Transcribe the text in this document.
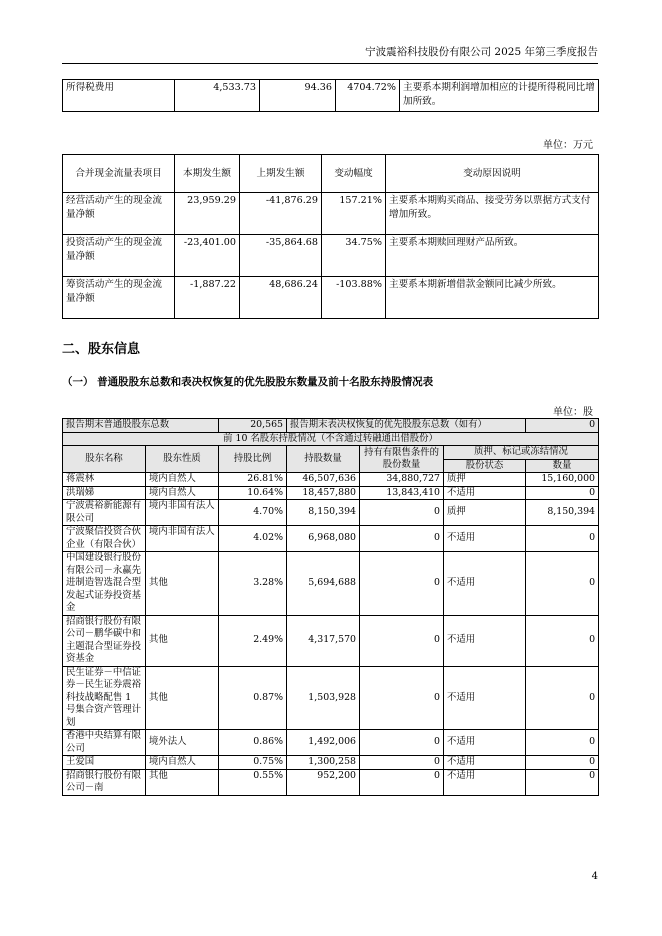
宁波震裕科技股份有限公司 2025 年第三季度报告
所得税费用	4,533.73	94.36	4704.72%	主要系本期利润增加相应的计提所得税同比增加所致。
单位：万元
合并现金流量表项目	本期发生额	上期发生额	变动幅度	变动原因说明
经营活动产生的现金流量净额	23,959.29	-41,876.29	157.21%	主要系本期购买商品、接受劳务以票据方式支付增加所致。
投资活动产生的现金流量净额	-23,401.00	-35,864.68	34.75%	主要系本期赎回理财产品所致。
筹资活动产生的现金流量净额	-1,887.22	48,686.24	-103.88%	主要系本期新增借款金额同比减少所致。
二、股东信息
（一） 普通股股东总数和表决权恢复的优先股股东数量及前十名股东持股情况表
单位：股
报告期末普通股股东总数		20,565	报告期末表决权恢复的优先股股东总数（如有）			0
前 10 名股东持股情况（不含通过转融通出借股份）						
股东名称	股东性质	持股比例	持股数量	持有有限售条件的股份数量	质押、标记或冻结情况	
					股份状态	数量
蒋震林	境内自然人	26.81%	46,507,636	34,880,727	质押	15,160,000
洪瑞娣	境内自然人	10.64%	18,457,880	13,843,410	不适用	0
宁波震裕新能源有限公司	境内非国有法人	4.70%	8,150,394	0	质押	8,150,394
宁波聚信投资合伙企业（有限合伙）	境内非国有法人	4.02%	6,968,080	0	不适用	0
中国建设银行股份有限公司－永赢先进制造智选混合型发起式证券投资基金	其他	3.28%	5,694,688	0	不适用	0
招商银行股份有限公司－鹏华碳中和主题混合型证券投资基金	其他	2.49%	4,317,570	0	不适用	0
民生证券－中信证券－民生证券震裕科技战略配售 1 号集合资产管理计划	其他	0.87%	1,503,928	0	不适用	0
香港中央结算有限公司	境外法人	0.86%	1,492,006	0	不适用	0
王爱国	境内自然人	0.75%	1,300,258	0	不适用	0
招商银行股份有限公司－南	其他	0.55%	952,200	0	不适用	0
4
